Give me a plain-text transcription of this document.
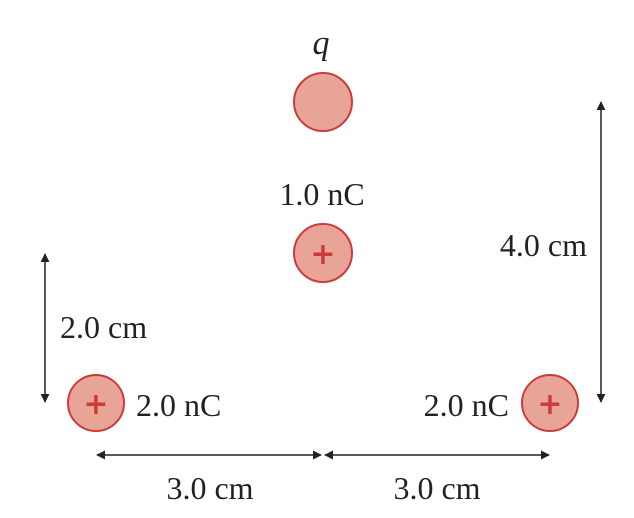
q
1.0 nC
+
+ 2.0 nC	+
2.0 nC
2.0 cm
4.0 cm
3.0 cm	3.0 cm
